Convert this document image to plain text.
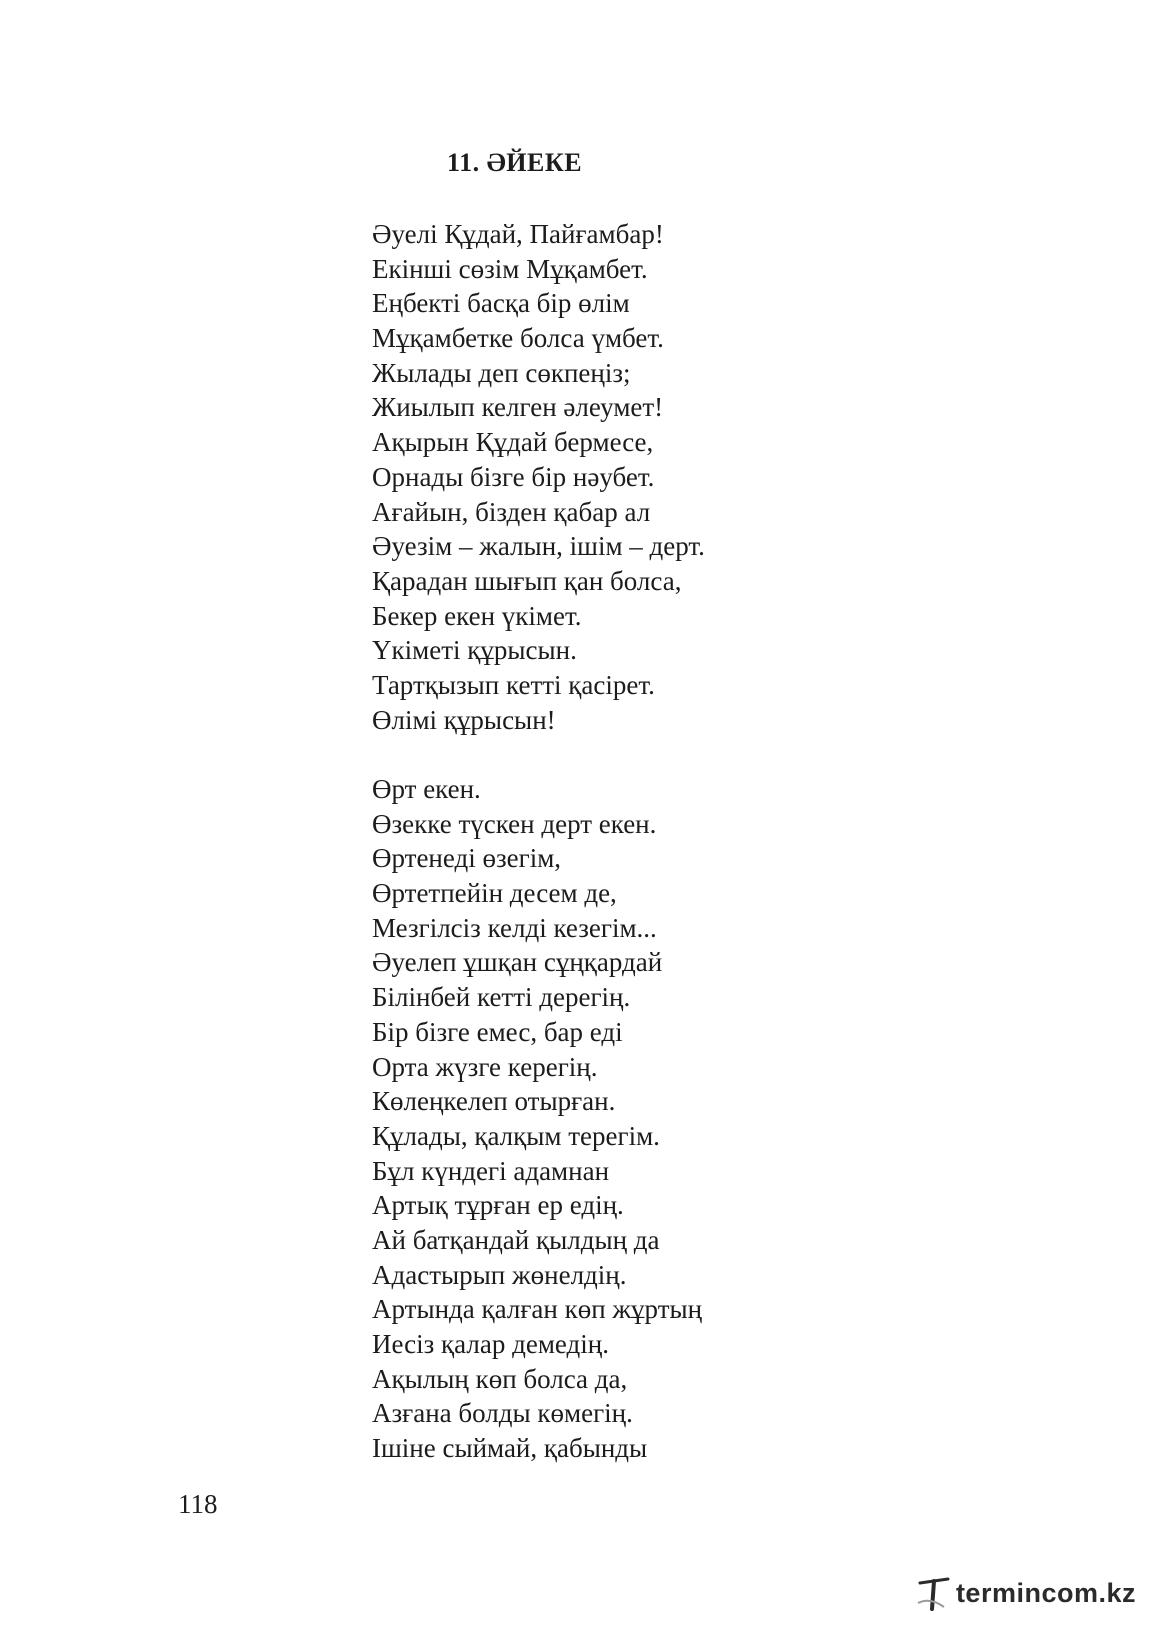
11. ӘЙЕКЕ
Әуелі Құдай, Пайғамбар!
Екінші сөзім Мұқамбет.
Еңбекті басқа бір өлім
Мұқамбетке болса үмбет.
Жылады деп сөкпеңіз;
Жиылып келген әлеумет!
Ақырын Құдай бермесе,
Орнады бізге бір нәубет.
Ағайын, бізден қабар ал
Әуезім – жалын, ішім – дерт.
Қарадан шығып қан болса,
Бекер екен үкімет.
Үкіметі құрысын.
Тартқызып кетті қасірет.
Өлімі құрысын!
Өрт екен.
Өзекке түскен дерт екен.
Өртенеді өзегім,
Өртетпейін десем де,
Мезгілсіз келді кезегім...
Әуелеп ұшқан сұңқардай
Білінбей кетті дерегің.
Бір бізге емес, бар еді
Орта жүзге керегің.
Көлеңкелеп отырған.
Құлады, қалқым терегім.
Бұл күндегі адамнан
Артық тұрған ер едің.
Ай батқандай қылдың да
Адастырып жөнелдің.
Артында қалған көп жұртың
Иесіз қалар демедің.
Ақылың көп болса да,
Азғана болды көмегің.
Ішіне сыймай, қабынды
118
termincom.kz
